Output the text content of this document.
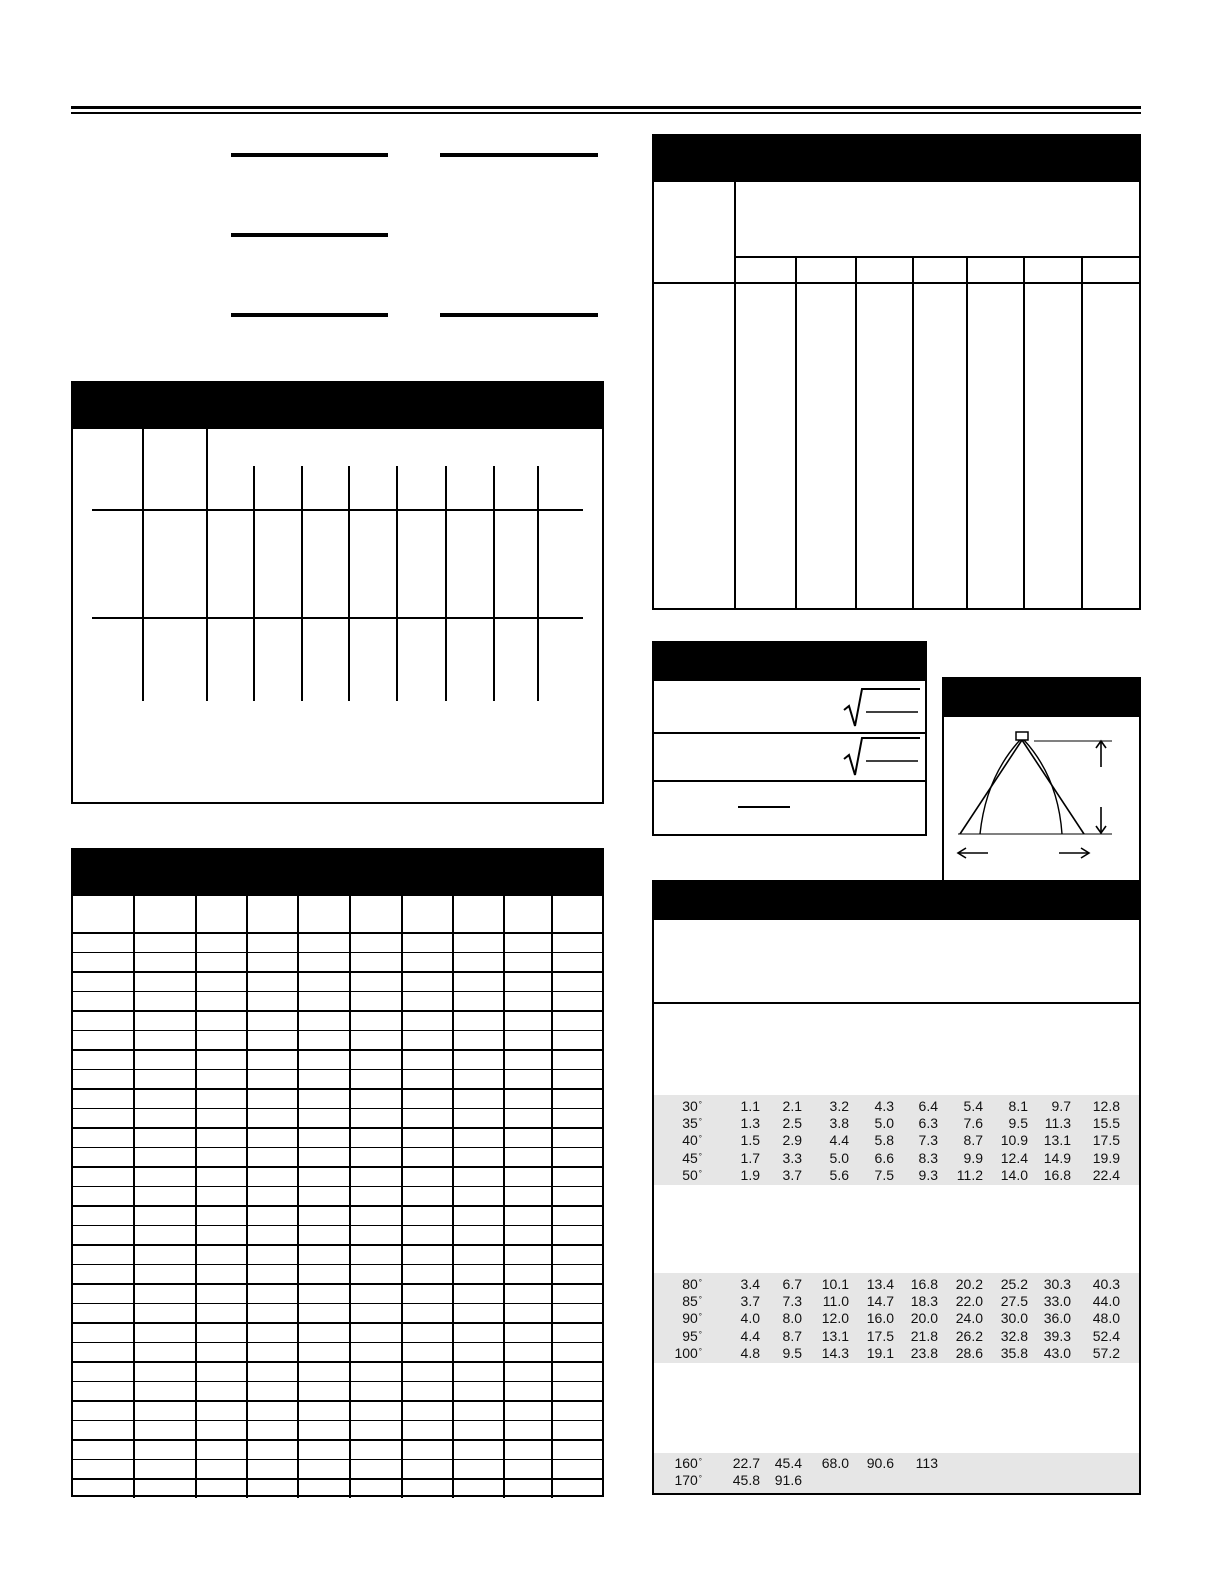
30°	1.1	2.1	3.2	4.3	6.4	5.4	8.1	9.7	12.8
35°	1.3	2.5	3.8	5.0	6.3	7.6	9.5	11.3	15.5
40°	1.5	2.9	4.4	5.8	7.3	8.7	10.9	13.1	17.5
45°	1.7	3.3	5.0	6.6	8.3	9.9	12.4	14.9	19.9
50°	1.9	3.7	5.6	7.5	9.3	11.2	14.0	16.8	22.4
80°	3.4	6.7	10.1	13.4	16.8	20.2	25.2	30.3	40.3
85°	3.7	7.3	11.0	14.7	18.3	22.0	27.5	33.0	44.0
90°	4.0	8.0	12.0	16.0	20.0	24.0	30.0	36.0	48.0
95°	4.4	8.7	13.1	17.5	21.8	26.2	32.8	39.3	52.4
100°	4.8	9.5	14.3	19.1	23.8	28.6	35.8	43.0	57.2
160°	22.7	45.4	68.0	90.6	113
170°	45.8	91.6
